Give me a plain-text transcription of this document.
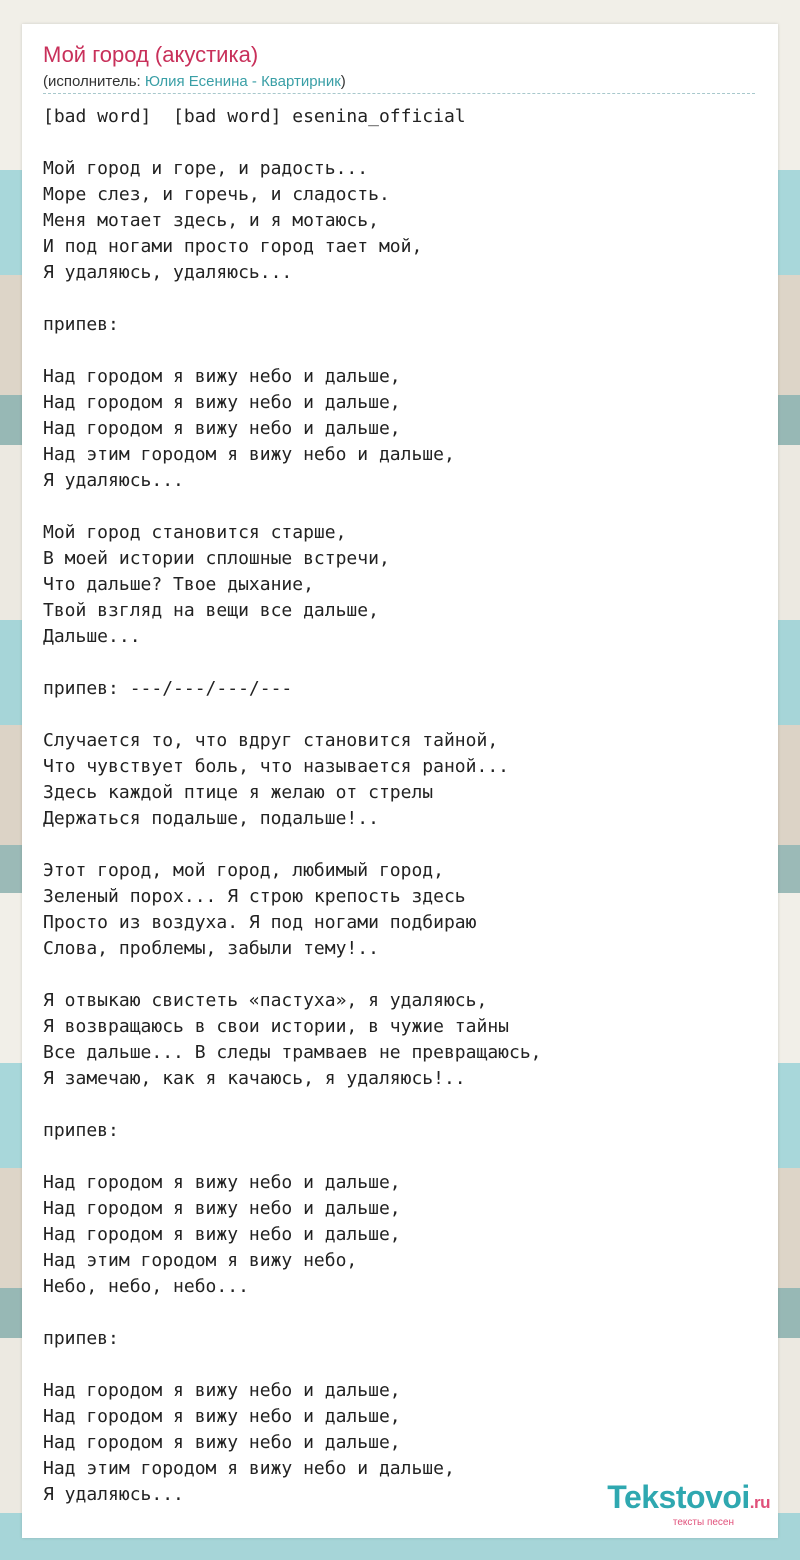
Мой город (акустика)
(исполнитель: Юлия Есенина - Квартирник)
[bad word]  [bad word] esenina_official

Мой город и горе, и радость...
Море слез, и горечь, и сладость.
Меня мотает здесь, и я мотаюсь,
И под ногами просто город тает мой,
Я удаляюсь, удаляюсь...

припев:

Над городом я вижу небо и дальше,
Над городом я вижу небо и дальше,
Над городом я вижу небо и дальше,
Над этим городом я вижу небо и дальше,
Я удаляюсь...

Мой город становится старше,
В моей истории сплошные встречи,
Что дальше? Твое дыхание,
Твой взгляд на вещи все дальше,
Дальше...

припев: ---/---/---/---

Случается то, что вдруг становится тайной,
Что чувствует боль, что называется раной...
Здесь каждой птице я желаю от стрелы
Держаться подальше, подальше!..

Этот город, мой город, любимый город,
Зеленый порох... Я строю крепость здесь
Просто из воздуха. Я под ногами подбираю
Слова, проблемы, забыли тему!..

Я отвыкаю свистеть «пастуха», я удаляюсь,
Я возвращаюсь в свои истории, в чужие тайны
Все дальше... В следы трамваев не превращаюсь,
Я замечаю, как я качаюсь, я удаляюсь!..

припев:

Над городом я вижу небо и дальше,
Над городом я вижу небо и дальше,
Над городом я вижу небо и дальше,
Над этим городом я вижу небо,
Небо, небо, небо...

припев:

Над городом я вижу небо и дальше,
Над городом я вижу небо и дальше,
Над городом я вижу небо и дальше,
Над этим городом я вижу небо и дальше,
Я удаляюсь...	Tekstovoi.ru
тексты песен
